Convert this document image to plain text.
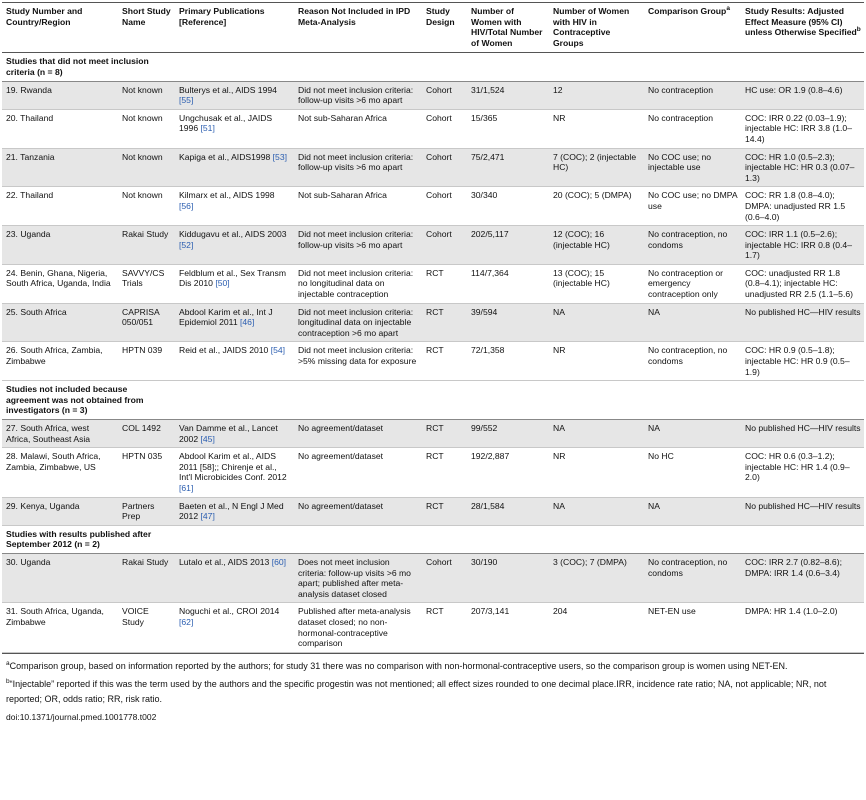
Study Number and Country/Region	Short Study Name	Primary Publications [Reference]	Reason Not Included in IPD Meta-Analysis	Study Design	Number of Women with HIV/Total Number of Women	Number of Women with HIV in Contraceptive Groups	Comparison Group$^a$	Study Results: Adjusted Effect Measure (95% CI) unless Otherwise Specified$^b$
Studies that did not meet inclusion criteria (n = 8)								
19. Rwanda	Not known	Bulterys et al., AIDS 1994 [55]	Did not meet inclusion criteria: follow-up visits >6 mo apart	Cohort	31/1,524	12	No contraception	HC use: OR 1.9 (0.8–4.6)
20. Thailand	Not known	Ungchusak et al., JAIDS 1996 [51]	Not sub-Saharan Africa	Cohort	15/365	NR	No contraception	COC: IRR 0.22 (0.03–1.9); injectable HC: IRR 3.8 (1.0–14.4)
21. Tanzania	Not known	Kapiga et al., AIDS1998 [53]	Did not meet inclusion criteria: follow-up visits >6 mo apart	Cohort	75/2,471	7 (COC); 2 (injectable HC)	No COC use; no injectable use	COC: HR 1.0 (0.5–2.3); injectable HC: HR 0.3 (0.07–1.3)
22. Thailand	Not known	Kilmarx et al., AIDS 1998 [56]	Not sub-Saharan Africa	Cohort	30/340	20 (COC); 5 (DMPA)	No COC use; no DMPA use	COC: RR 1.8 (0.8–4.0); DMPA: unadjusted RR 1.5 (0.6–4.0)
23. Uganda	Rakai Study	Kiddugavu et al., AIDS 2003 [52]	Did not meet inclusion criteria: follow-up visits >6 mo apart	Cohort	202/5,117	12 (COC); 16 (injectable HC)	No contraception, no condoms	COC: IRR 1.1 (0.5–2.6); injectable HC: IRR 0.8 (0.4–1.7)
24. Benin, Ghana, Nigeria, South Africa, Uganda, India	SAVVY/CS Trials	Feldblum et al., Sex Transm Dis 2010 [50]	Did not meet inclusion criteria: no longitudinal data on injectable contraception	RCT	114/7,364	13 (COC); 15 (injectable HC)	No contraception or emergency contraception only	COC: unadjusted RR 1.8 (0.8–4.1); injectable HC: unadjusted RR 2.5 (1.1–5.6)
25. South Africa	CAPRISA 050/051	Abdool Karim et al., Int J Epidemiol 2011 [46]	Did not meet inclusion criteria: longitudinal data on injectable contraception >6 mo apart	RCT	39/594	NA	NA	No published HC—HIV results
26. South Africa, Zambia, Zimbabwe	HPTN 039	Reid et al., JAIDS 2010 [54]	Did not meet inclusion criteria: >5% missing data for exposure	RCT	72/1,358	NR	No contraception, no condoms	COC: HR 0.9 (0.5–1.8); injectable HC: HR 0.9 (0.5–1.9)
Studies not included because agreement was not obtained from investigators (n = 3)								
27. South Africa, west Africa, Southeast Asia	COL 1492	Van Damme et al., Lancet 2002 [45]	No agreement/dataset	RCT	99/552	NA	NA	No published HC—HIV results
28. Malawi, South Africa, Zambia, Zimbabwe, US	HPTN 035	Abdool Karim et al., AIDS 2011 [58];; Chirenje et al., Int'l Microbicides Conf. 2012 [61]	No agreement/dataset	RCT	192/2,887	NR	No HC	COC: HR 0.6 (0.3–1.2); injectable HC: HR 1.4 (0.9–2.0)
29. Kenya, Uganda	Partners Prep	Baeten et al., N Engl J Med 2012 [47]	No agreement/dataset	RCT	28/1,584	NA	NA	No published HC—HIV results
Studies with results published after September 2012 (n = 2)								
30. Uganda	Rakai Study	Lutalo et al., AIDS 2013 [60]	Does not meet inclusion criteria: follow-up visits >6 mo apart; published after meta-analysis dataset closed	Cohort	30/190	3 (COC); 7 (DMPA)	No contraception, no condoms	COC: IRR 2.7 (0.82–8.6); DMPA: IRR 1.4 (0.6–3.4)
31. South Africa, Uganda, Zimbabwe	VOICE Study	Noguchi et al., CROI 2014 [62]	Published after meta-analysis dataset closed; no non-hormonal-contraceptive comparison	RCT	207/3,141	204	NET-EN use	DMPA: HR 1.4 (1.0–2.0)

$^a$Comparison group, based on information reported by the authors; for study 31 there was no comparison with non-hormonal-contraceptive users, so the comparison group is women using NET-EN.

$^b$“Injectable” reported if this was the term used by the authors and the specific progestin was not mentioned; all effect sizes rounded to one decimal place.IRR, incidence rate ratio; NA, not applicable; NR, not reported; OR, odds ratio; RR, risk ratio.

doi:10.1371/journal.pmed.1001778.t002
